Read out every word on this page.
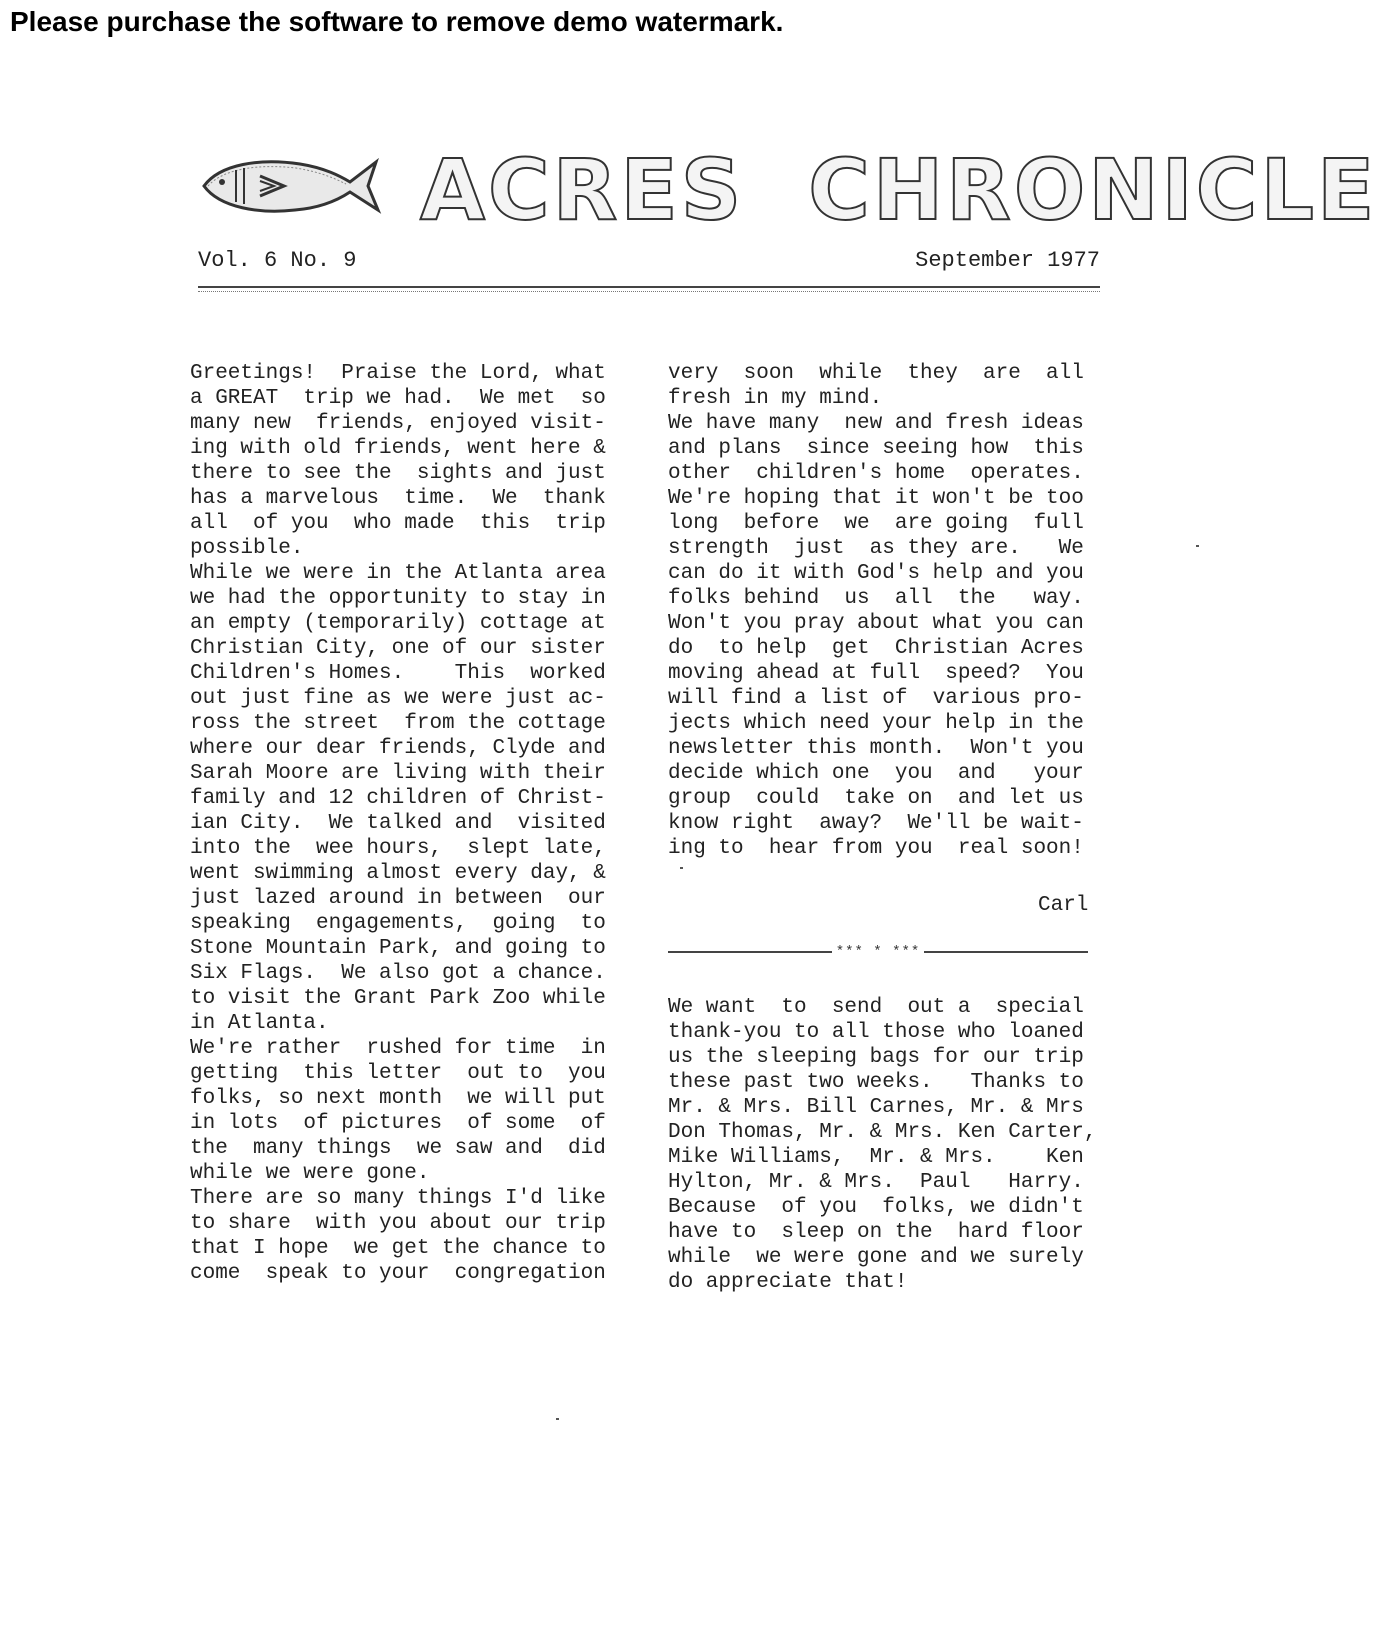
Please purchase the software to remove demo watermark.
ACRES CHRONICLE
Vol. 6 No. 9	September 1977
Greetings!  Praise the Lord, what
a GREAT  trip we had.  We met  so
many new  friends, enjoyed visit-
ing with old friends, went here &
there to see the  sights and just
has a marvelous  time.  We  thank
all  of you  who made  this  trip
possible.
While we were in the Atlanta area
we had the opportunity to stay in
an empty (temporarily) cottage at
Christian City, one of our sister
Children's Homes.    This  worked
out just fine as we were just ac-
ross the street  from the cottage
where our dear friends, Clyde and
Sarah Moore are living with their
family and 12 children of Christ-
ian City.  We talked and  visited
into the  wee hours,  slept late,
went swimming almost every day, &
just lazed around in between  our
speaking  engagements,  going  to
Stone Mountain Park, and going to
Six Flags.  We also got a chance.
to visit the Grant Park Zoo while
in Atlanta.
We're rather  rushed for time  in
getting  this letter  out to  you
folks, so next month  we will put
in lots  of pictures  of some  of
the  many things  we saw and  did
while we were gone.
There are so many things I'd like
to share  with you about our trip
that I hope  we get the chance to
come  speak to your  congregation
very  soon  while  they  are  all
fresh in my mind.
We have many  new and fresh ideas
and plans  since seeing how  this
other  children's home  operates.
We're hoping that it won't be too
long  before  we  are going  full
strength  just  as they are.   We
can do it with God's help and you
folks behind  us  all  the   way.
Won't you pray about what you can
do  to help  get  Christian Acres
moving ahead at full  speed?  You
will find a list of  various pro-
jects which need your help in the
newsletter this month.  Won't you
decide which one  you  and   your
group  could  take on  and let us
know right  away?  We'll be wait-
ing to  hear from you  real soon!
Carl
*** * ***
We want  to  send  out a  special
thank-you to all those who loaned
us the sleeping bags for our trip
these past two weeks.   Thanks to
Mr. & Mrs. Bill Carnes, Mr. & Mrs
Don Thomas, Mr. & Mrs. Ken Carter,
Mike Williams,  Mr. & Mrs.    Ken
Hylton, Mr. & Mrs.  Paul   Harry.
Because  of you  folks, we didn't
have to  sleep on the  hard floor
while  we were gone and we surely
do appreciate that!
